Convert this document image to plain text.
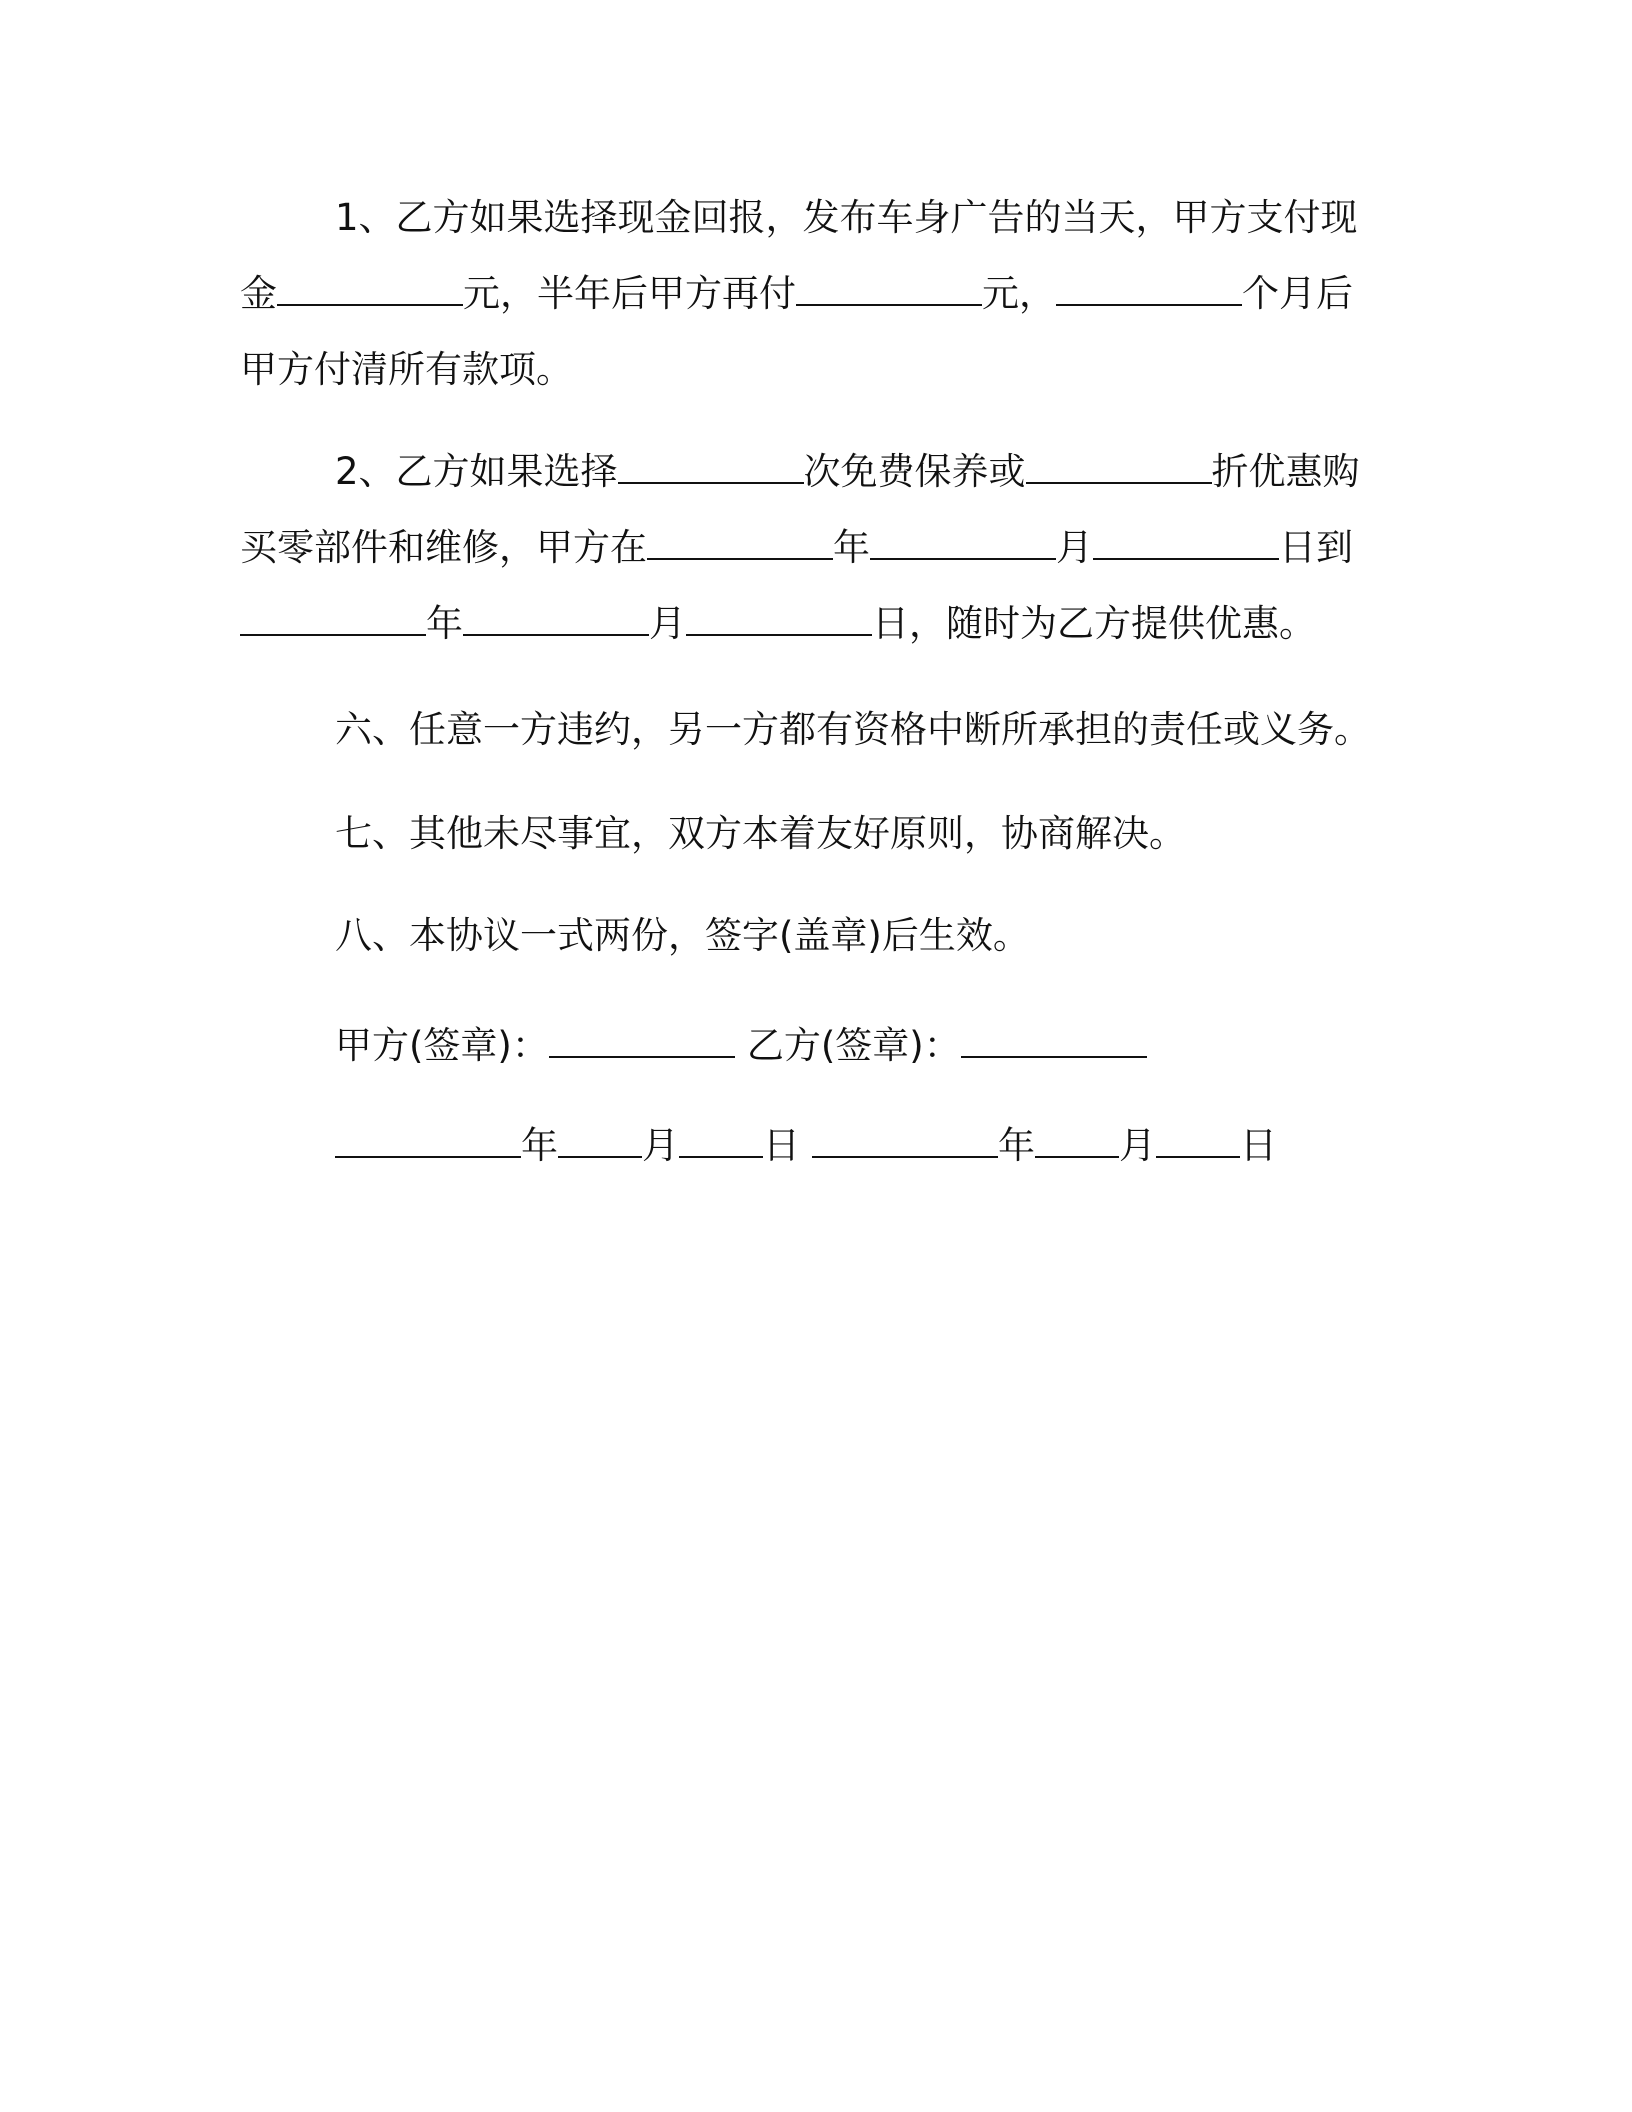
1、乙方如果选择现金回报，发布车身广告的当天，甲方支付现
金	元，半年后甲方再付	元，	个月后
甲方付清所有款项。
2、乙方如果选择	次免费保养或	折优惠购
买零部件和维修，甲方在	年	月	日到
年	月	日，随时为乙方提供优惠。
六、任意一方违约，另一方都有资格中断所承担的责任或义务。
七、其他未尽事宜，双方本着友好原则，协商解决。
八、本协议一式两份，签字(盖章)后生效。
甲方(签章)：	乙方(签章)：
年 月 日	年 月 日
